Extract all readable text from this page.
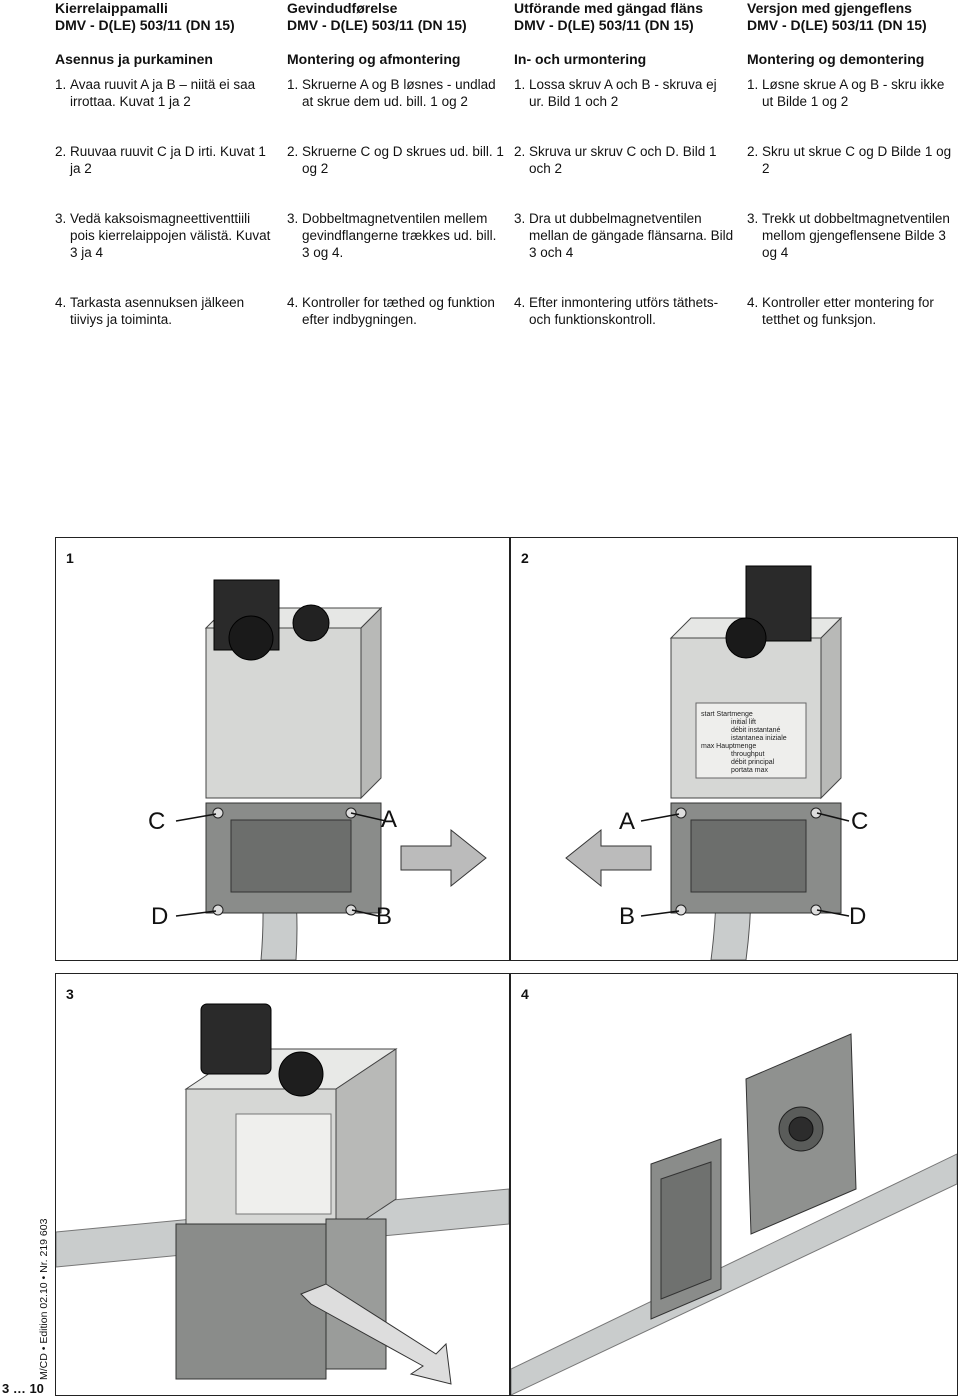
Kierrelaippamalli
DMV - D(LE) 503/11 (DN 15)
Asennus ja purkaminen
1. Avaa ruuvit A ja B – niitä ei saa irrottaa. Kuvat 1 ja 2
2. Ruuvaa ruuvit C ja D irti. Kuvat 1 ja 2
3. Vedä kaksoismagneettiventtiili pois kierrelaippojen välistä. Kuvat 3 ja 4
4. Tarkasta asennuksen jälkeen tiiviys ja toiminta.
Gevindudførelse
DMV - D(LE) 503/11 (DN 15)
Montering og afmontering
1. Skruerne A og B løsnes - undlad at skrue dem ud. bill. 1 og 2
2. Skruerne C og D skrues ud. bill. 1 og 2
3. Dobbeltmagnetventilen mellem gevindflangerne trækkes ud. bill. 3 og 4.
4. Kontroller for tæthed og funktion efter indbygningen.
Utförande med gängad fläns
DMV - D(LE) 503/11 (DN 15)
In- och urmontering
1. Lossa skruv A och B - skruva ej ur. Bild 1 och 2
2. Skruva ur skruv C och D. Bild 1 och 2
3. Dra ut dubbelmagnetventilen mellan de gängade flänsarna. Bild 3 och 4
4. Efter inmontering utförs täthets- och funktionskontroll.
Versjon med gjengeflens
DMV - D(LE) 503/11 (DN 15)
Montering og demontering
1. Løsne skrue A og B - skru ikke ut Bilde 1 og 2
2. Skru ut skrue C og D Bilde 1 og 2
3. Trekk ut dobbeltmagnetventilen mellom gjengeflensene Bilde 3 og 4
4. Kontroller etter montering for tetthet og funksjon.
1
C	A
D	B
2
start Startmenge
initial lift
débit instantané
istantanea iniziale
max Hauptmenge
throughput
débit principal
portata max
A	C
B	D
3	4
M/CD • Edition 02.10 • Nr. 219 603
3 … 10
